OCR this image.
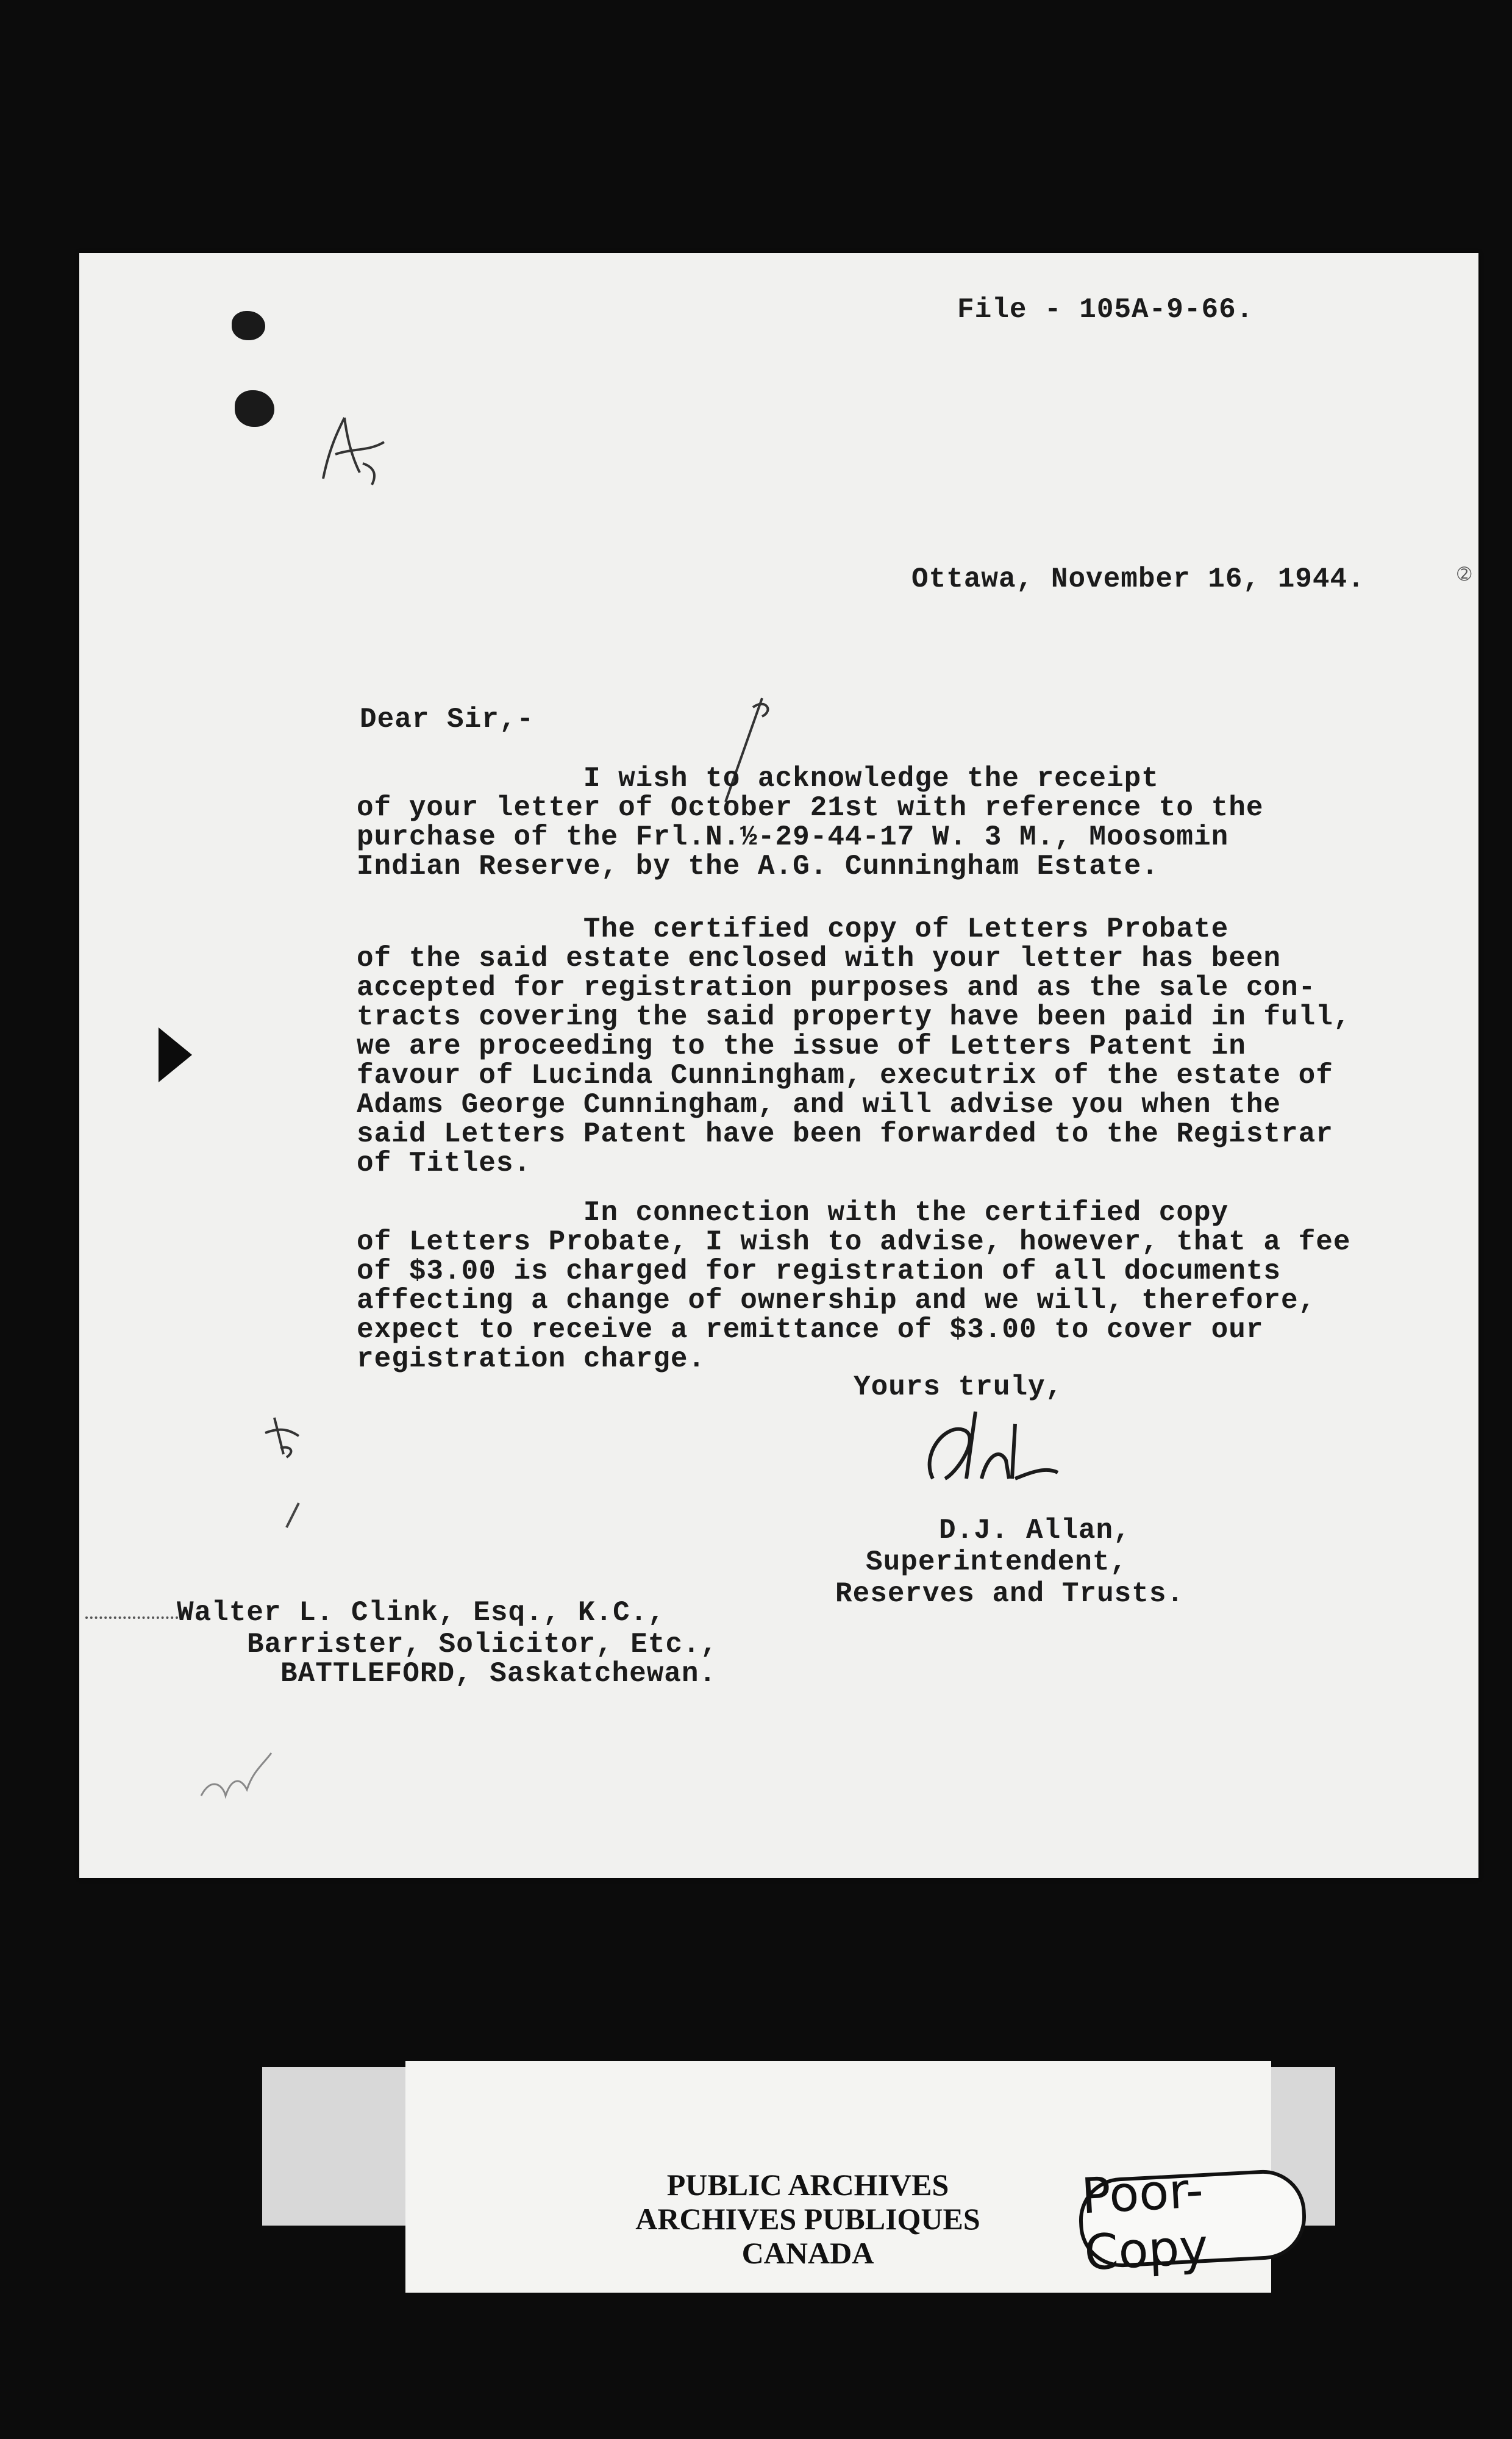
➁
File - 105A-9-66.
Ottawa, November 16, 1944.
Dear Sir,-
I wish to acknowledge the receipt
of your letter of October 21st with reference to the
purchase of the Frl.N.½-29-44-17 W. 3 M., Moosomin
Indian Reserve, by the A.G. Cunningham Estate.
The certified copy of Letters Probate
of the said estate enclosed with your letter has been
accepted for registration purposes and as the sale con-
tracts covering the said property have been paid in full,
we are proceeding to the issue of Letters Patent in
favour of Lucinda Cunningham, executrix of the estate of
Adams George Cunningham, and will advise you when the
said Letters Patent have been forwarded to the Registrar
of Titles.
In connection with the certified copy
of Letters Probate, I wish to advise, however, that a fee
of $3.00 is charged for registration of all documents
affecting a change of ownership and we will, therefore,
expect to receive a remittance of $3.00 to cover our
registration charge.
Yours truly,
D.J. Allan,
Superintendent,
Reserves and Trusts.
Walter L. Clink, Esq., K.C.,
Barrister, Solicitor, Etc.,
BATTLEFORD, Saskatchewan.
PUBLIC ARCHIVES
ARCHIVES PUBLIQUES
CANADA
Poor-Copy
